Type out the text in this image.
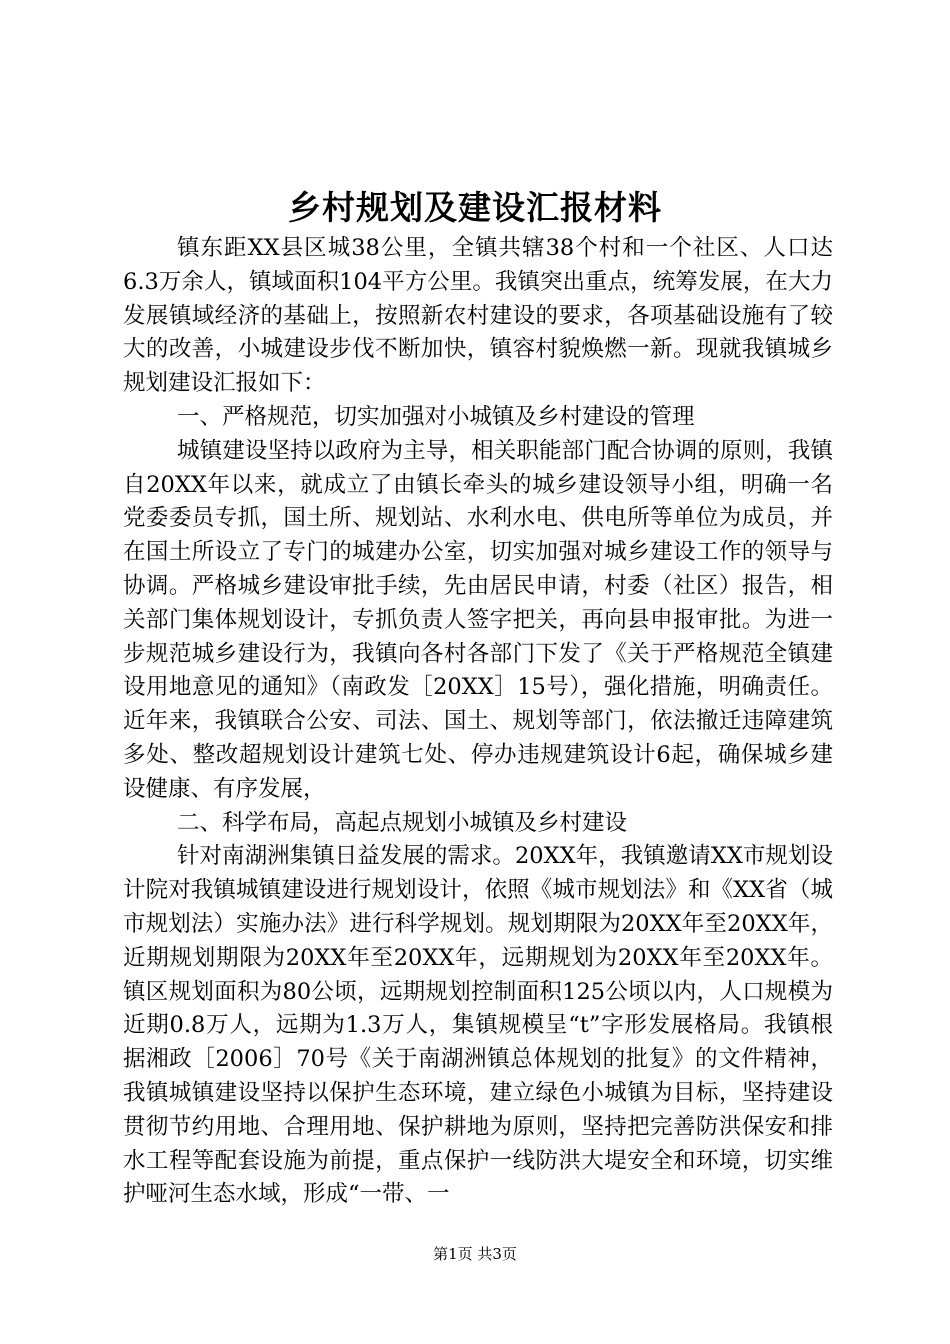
乡村规划及建设汇报材料

镇东距XX县区城38公里，全镇共辖38个村和一个社区、人口达6.3万余人，镇域面积104平方公里。我镇突出重点，统筹发展，在大力发展镇域经济的基础上，按照新农村建设的要求，各项基础设施有了较大的改善，小城建设步伐不断加快，镇容村貌焕燃一新。现就我镇城乡规划建设汇报如下：

一、严格规范，切实加强对小城镇及乡村建设的管理

城镇建设坚持以政府为主导，相关职能部门配合协调的原则，我镇自20XX年以来，就成立了由镇长牵头的城乡建设领导小组，明确一名党委委员专抓，国土所、规划站、水利水电、供电所等单位为成员，并在国土所设立了专门的城建办公室，切实加强对城乡建设工作的领导与协调。严格城乡建设审批手续，先由居民申请，村委（社区）报告，相关部门集体规划设计，专抓负责人签字把关，再向县申报审批。为进一步规范城乡建设行为，我镇向各村各部门下发了《关于严格规范全镇建设用地意见的通知》（南政发［20XX］15号），强化措施，明确责任。近年来，我镇联合公安、司法、国土、规划等部门，依法撤迁违障建筑多处、整改超规划设计建筑七处、停办违规建筑设计6起，确保城乡建设健康、有序发展，

二、科学布局，高起点规划小城镇及乡村建设

针对南湖洲集镇日益发展的需求。20XX年，我镇邀请XX市规划设计院对我镇城镇建设进行规划设计，依照《城市规划法》和《XX省（城市规划法）实施办法》进行科学规划。规划期限为20XX年至20XX年，近期规划期限为20XX年至20XX年，远期规划为20XX年至20XX年。镇区规划面积为80公顷，远期规划控制面积125公顷以内，人口规模为近期0.8万人，远期为1.3万人，集镇规模呈“t”字形发展格局。我镇根据湘政［2006］70号《关于南湖洲镇总体规划的批复》的文件精神，我镇城镇建设坚持以保护生态环境，建立绿色小城镇为目标，坚持建设贯彻节约用地、合理用地、保护耕地为原则，坚持把完善防洪保安和排水工程等配套设施为前提，重点保护一线防洪大堤安全和环境，切实维护哑河生态水域，形成“一带、一

第1页 共3页
